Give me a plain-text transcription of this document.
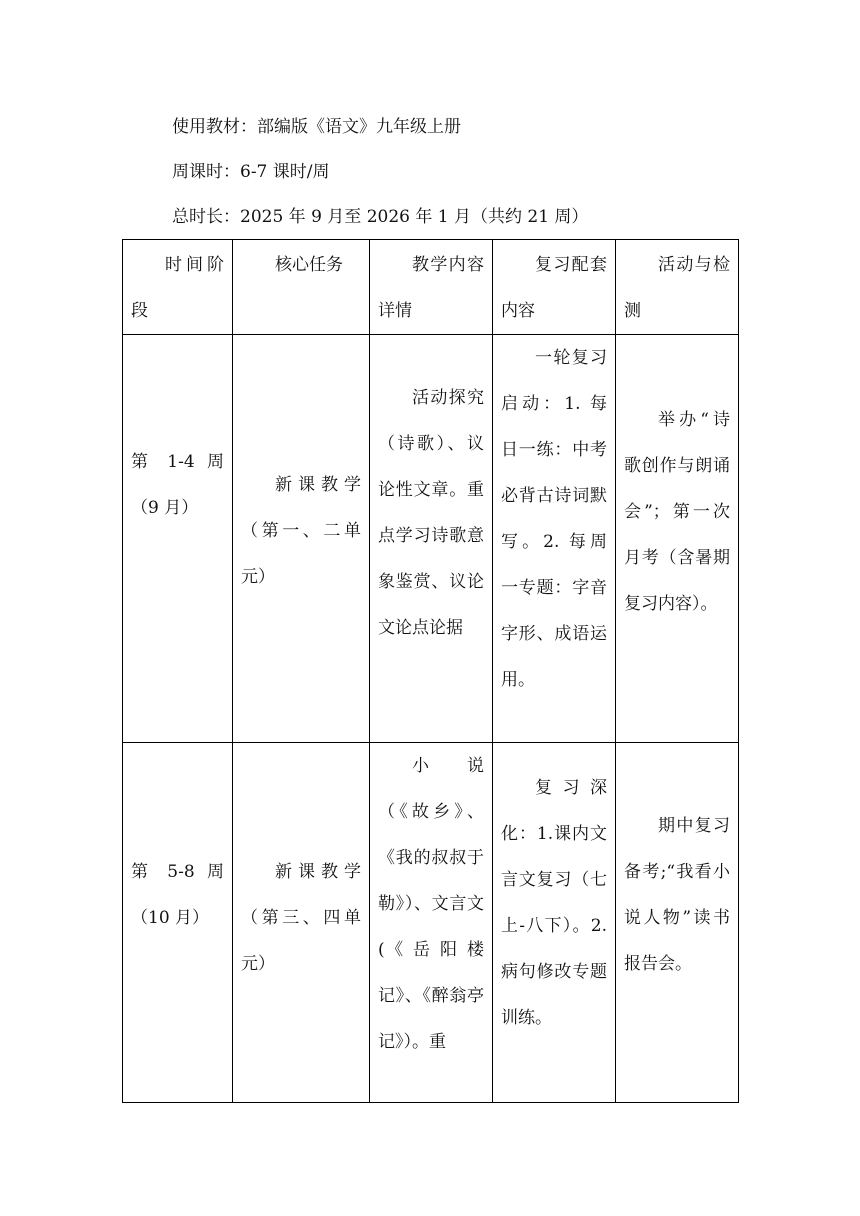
使用教材：部编版《语文》九年级上册
周课时：6-7 课时/周
总时长：2025 年 9 月至 2026 年 1 月（共约 21 周）
时间阶段	核心任务	教学内容详情	复习配套内容	活动与检测

第 1-4 周（9 月）	新课教学（第一、二单元）	活动探究（诗歌）、议论性文章。重点学习诗歌意象鉴赏、议论文论点论据	一轮复习启动：1. 每日一练：中考必背古诗词默写。2. 每周一专题：字音字形、成语运用。	举办“诗歌创作与朗诵会”；第一次月考（含暑期复习内容）。

第 5-8 周（10 月）	新课教学（第三、四单元）	小说（《故乡》、《我的叔叔于勒》）、文言文(《岳阳楼记》、《醉翁亭记》）。重	复习深化：1.课内文言文复习（七上-八下）。2.病句修改专题训练。	期中复习备考;“我看小说人物”读书报告会。
